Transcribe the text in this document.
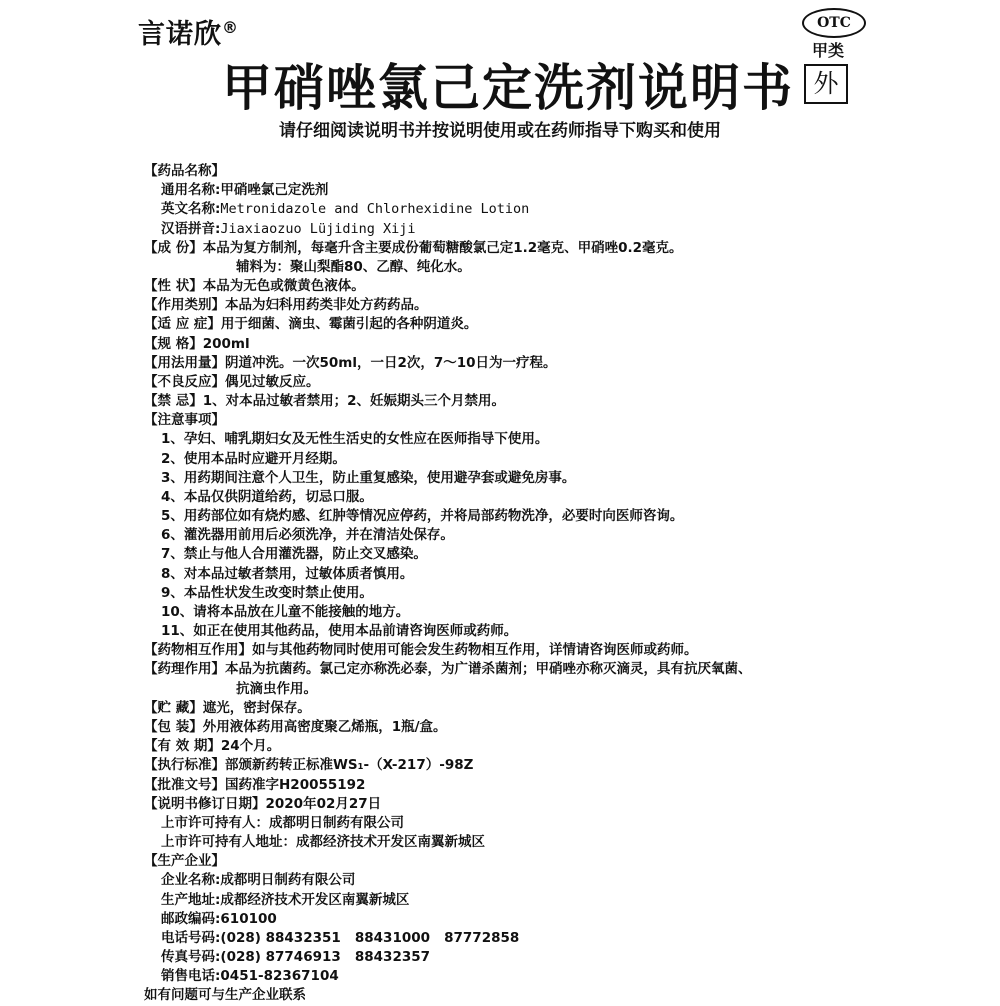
言诺欣®
甲硝唑氯己定洗剂说明书
OTC
甲类
外
请仔细阅读说明书并按说明使用或在药师指导下购买和使用
【药品名称】
通用名称:甲硝唑氯己定洗剂
英文名称:Metronidazole and Chlorhexidine Lotion
汉语拼音:Jiaxiaozuo Lüjiding Xiji
【成 份】本品为复方制剂，每毫升含主要成份葡萄糖酸氯己定1.2毫克、甲硝唑0.2毫克。
辅料为：聚山梨酯80、乙醇、纯化水。
【性 状】本品为无色或微黄色液体。
【作用类别】本品为妇科用药类非处方药药品。
【适 应 症】用于细菌、滴虫、霉菌引起的各种阴道炎。
【规 格】200ml
【用法用量】阴道冲洗。一次50ml，一日2次，7～10日为一疗程。
【不良反应】偶见过敏反应。
【禁 忌】1、对本品过敏者禁用；2、妊娠期头三个月禁用。
【注意事项】
1、孕妇、哺乳期妇女及无性生活史的女性应在医师指导下使用。
2、使用本品时应避开月经期。
3、用药期间注意个人卫生，防止重复感染，使用避孕套或避免房事。
4、本品仅供阴道给药，切忌口服。
5、用药部位如有烧灼感、红肿等情况应停药，并将局部药物洗净，必要时向医师咨询。
6、灌洗器用前用后必须洗净，并在清洁处保存。
7、禁止与他人合用灌洗器，防止交叉感染。
8、对本品过敏者禁用，过敏体质者慎用。
9、本品性状发生改变时禁止使用。
10、请将本品放在儿童不能接触的地方。
11、如正在使用其他药品，使用本品前请咨询医师或药师。
【药物相互作用】如与其他药物同时使用可能会发生药物相互作用，详情请咨询医师或药师。
【药理作用】本品为抗菌药。氯己定亦称洗必泰，为广谱杀菌剂；甲硝唑亦称灭滴灵，具有抗厌氧菌、
抗滴虫作用。
【贮 藏】遮光，密封保存。
【包 装】外用液体药用高密度聚乙烯瓶，1瓶/盒。
【有 效 期】24个月。
【执行标准】部颁新药转正标准WS₁-（X-217）-98Z
【批准文号】国药准字H20055192
【说明书修订日期】2020年02月27日
上市许可持有人：成都明日制药有限公司
上市许可持有人地址：成都经济技术开发区南翼新城区
【生产企业】
企业名称:成都明日制药有限公司
生产地址:成都经济技术开发区南翼新城区
邮政编码:610100
电话号码:(028) 88432351   88431000   87772858
传真号码:(028) 87746913   88432357
销售电话:0451-82367104
如有问题可与生产企业联系
